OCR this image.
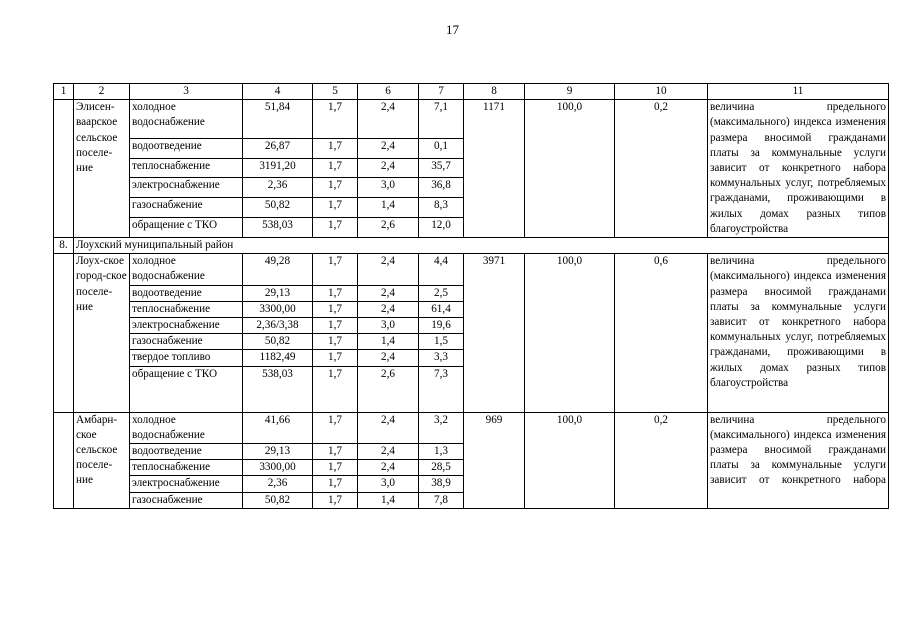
17
1	2	3	4	5	6	7	8	9	10	11
	Элисен-ваарское сельское поселе-ние	холодное водоснабжение	51,84	1,7	2,4	7,1	1171	100,0	0,2	величина предельного (максимального) индекса изменения размера вносимой гражданами платы за коммунальные услуги зависит от конкретного набора коммунальных услуг, потребляемых гражданами, проживающими в жилых домах разных типов благоустройства
		водоотведение	26,87	1,7	2,4	0,1				
		теплоснабжение	3191,20	1,7	2,4	35,7				
		электроснабжение	2,36	1,7	3,0	36,8				
		газоснабжение	50,82	1,7	1,4	8,3				
		обращение с ТКО	538,03	1,7	2,6	12,0				
8.	Лоухский муниципальный район									
	Лоух-ское город-ское поселе-ние	холодное водоснабжение	49,28	1,7	2,4	4,4	3971	100,0	0,6	величина предельного (максимального) индекса изменения размера вносимой гражданами платы за коммунальные услуги зависит от конкретного набора коммунальных услуг, потребляемых гражданами, проживающими в жилых домах разных типов благоустройства
		водоотведение	29,13	1,7	2,4	2,5				
		теплоснабжение	3300,00	1,7	2,4	61,4				
		электроснабжение	2,36/3,38	1,7	3,0	19,6				
		газоснабжение	50,82	1,7	1,4	1,5				
		твердое топливо	1182,49	1,7	2,4	3,3				
		обращение с ТКО	538,03	1,7	2,6	7,3				
	Амбарн-ское сельское поселе-ние	холодное водоснабжение	41,66	1,7	2,4	3,2	969	100,0	0,2	величина предельного (максимального) индекса изменения размера вносимой гражданами платы за коммунальные услуги зависит от конкретного набора
		водоотведение	29,13	1,7	2,4	1,3				
		теплоснабжение	3300,00	1,7	2,4	28,5				
		электроснабжение	2,36	1,7	3,0	38,9				
		газоснабжение	50,82	1,7	1,4	7,8				
